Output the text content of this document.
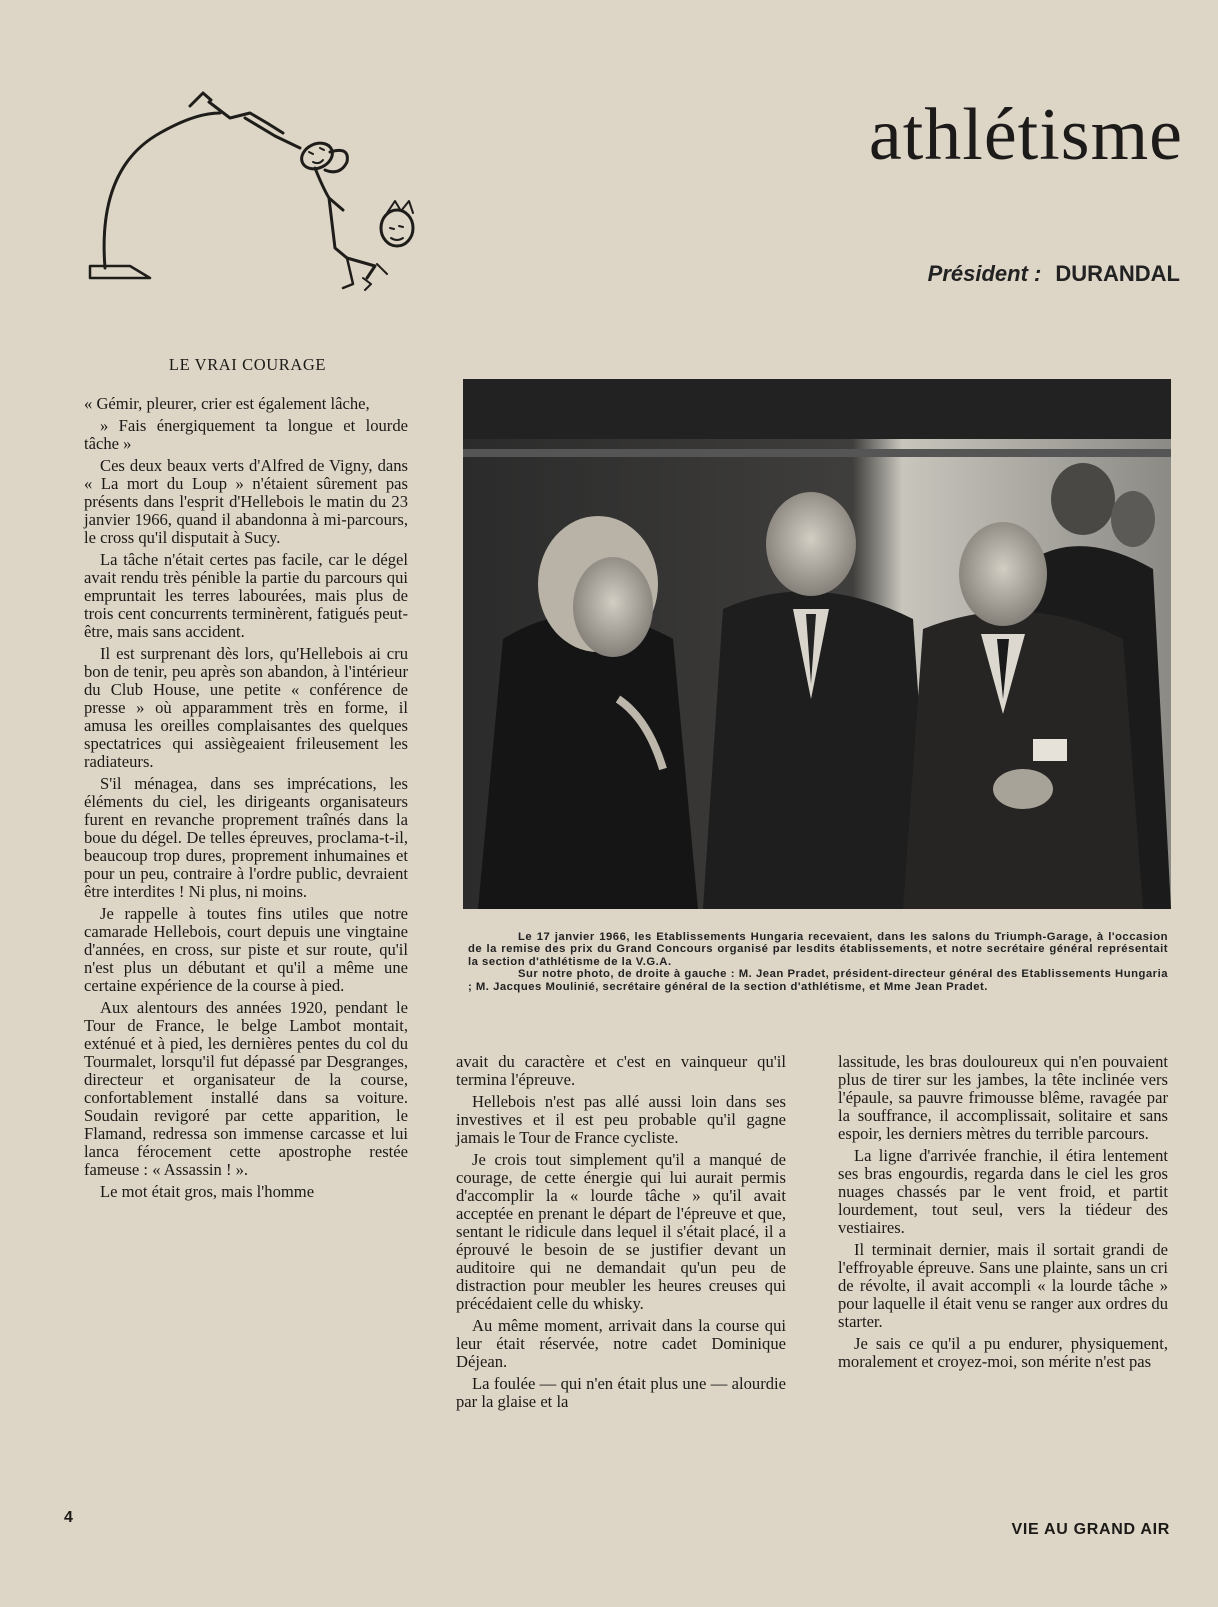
athlétisme
Président : DURANDAL
LE VRAI COURAGE

« Gémir, pleurer, crier est également lâche,

» Fais énergiquement ta longue et lourde tâche »

Ces deux beaux verts d'Alfred de Vigny, dans « La mort du Loup » n'étaient sûrement pas présents dans l'esprit d'Hellebois le matin du 23 janvier 1966, quand il abandonna à mi-parcours, le cross qu'il disputait à Sucy.

La tâche n'était certes pas facile, car le dégel avait rendu très pénible la partie du parcours qui empruntait les terres labourées, mais plus de trois cent concurrents terminèrent, fatigués peut-être, mais sans accident.

Il est surprenant dès lors, qu'Hellebois ai cru bon de tenir, peu après son abandon, à l'intérieur du Club House, une petite « conférence de presse » où apparamment très en forme, il amusa les oreilles complaisantes des quelques spectatrices qui assiègeaient frileusement les radiateurs.

S'il ménagea, dans ses imprécations, les éléments du ciel, les dirigeants organisateurs furent en revanche proprement traînés dans la boue du dégel. De telles épreuves, proclama-t-il, beaucoup trop dures, proprement inhumaines et pour un peu, contraire à l'ordre public, devraient être interdites ! Ni plus, ni moins.

Je rappelle à toutes fins utiles que notre camarade Hellebois, court depuis une vingtaine d'années, en cross, sur piste et sur route, qu'il n'est plus un débutant et qu'il a même une certaine expérience de la course à pied.

Aux alentours des années 1920, pendant le Tour de France, le belge Lambot montait, exténué et à pied, les dernières pentes du col du Tourmalet, lorsqu'il fut dépassé par Desgranges, directeur et organisateur de la course, confortablement installé dans sa voiture. Soudain revigoré par cette apparition, le Flamand, redressa son immense carcasse et lui lanca férocement cette apostrophe restée fameuse : « Assassin ! ».

Le mot était gros, mais l'homme

Le 17 janvier 1966, les Etablissements Hungaria recevaient, dans les salons du Triumph-Garage, à l'occasion de la remise des prix du Grand Concours organisé par lesdits établissements, et notre secrétaire général représentait la section d'athlétisme de la V.G.A.

Sur notre photo, de droite à gauche : M. Jean Pradet, président-directeur général des Etablissements Hungaria ; M. Jacques Moulinié, secrétaire général de la section d'athlétisme, et Mme Jean Pradet.

avait du caractère et c'est en vainqueur qu'il termina l'épreuve.

Hellebois n'est pas allé aussi loin dans ses investives et il est peu probable qu'il gagne jamais le Tour de France cycliste.

Je crois tout simplement qu'il a manqué de courage, de cette énergie qui lui aurait permis d'accomplir la « lourde tâche » qu'il avait acceptée en prenant le départ de l'épreuve et que, sentant le ridicule dans lequel il s'était placé, il a éprouvé le besoin de se justifier devant un auditoire qui ne demandait qu'un peu de distraction pour meubler les heures creuses qui précédaient celle du whisky.

Au même moment, arrivait dans la course qui leur était réservée, notre cadet Dominique Déjean.

La foulée — qui n'en était plus une — alourdie par la glaise et la

lassitude, les bras douloureux qui n'en pouvaient plus de tirer sur les jambes, la tête inclinée vers l'épaule, sa pauvre frimousse blême, ravagée par la souffrance, il accomplissait, solitaire et sans espoir, les derniers mètres du terrible parcours.

La ligne d'arrivée franchie, il étira lentement ses bras engourdis, regarda dans le ciel les gros nuages chassés par le vent froid, et partit lourdement, tout seul, vers la tiédeur des vestiaires.

Il terminait dernier, mais il sortait grandi de l'effroyable épreuve. Sans une plainte, sans un cri de révolte, il avait accompli « la lourde tâche » pour laquelle il était venu se ranger aux ordres du starter.

Je sais ce qu'il a pu endurer, physiquement, moralement et croyez-moi, son mérite n'est pas

4
VIE AU GRAND AIR
